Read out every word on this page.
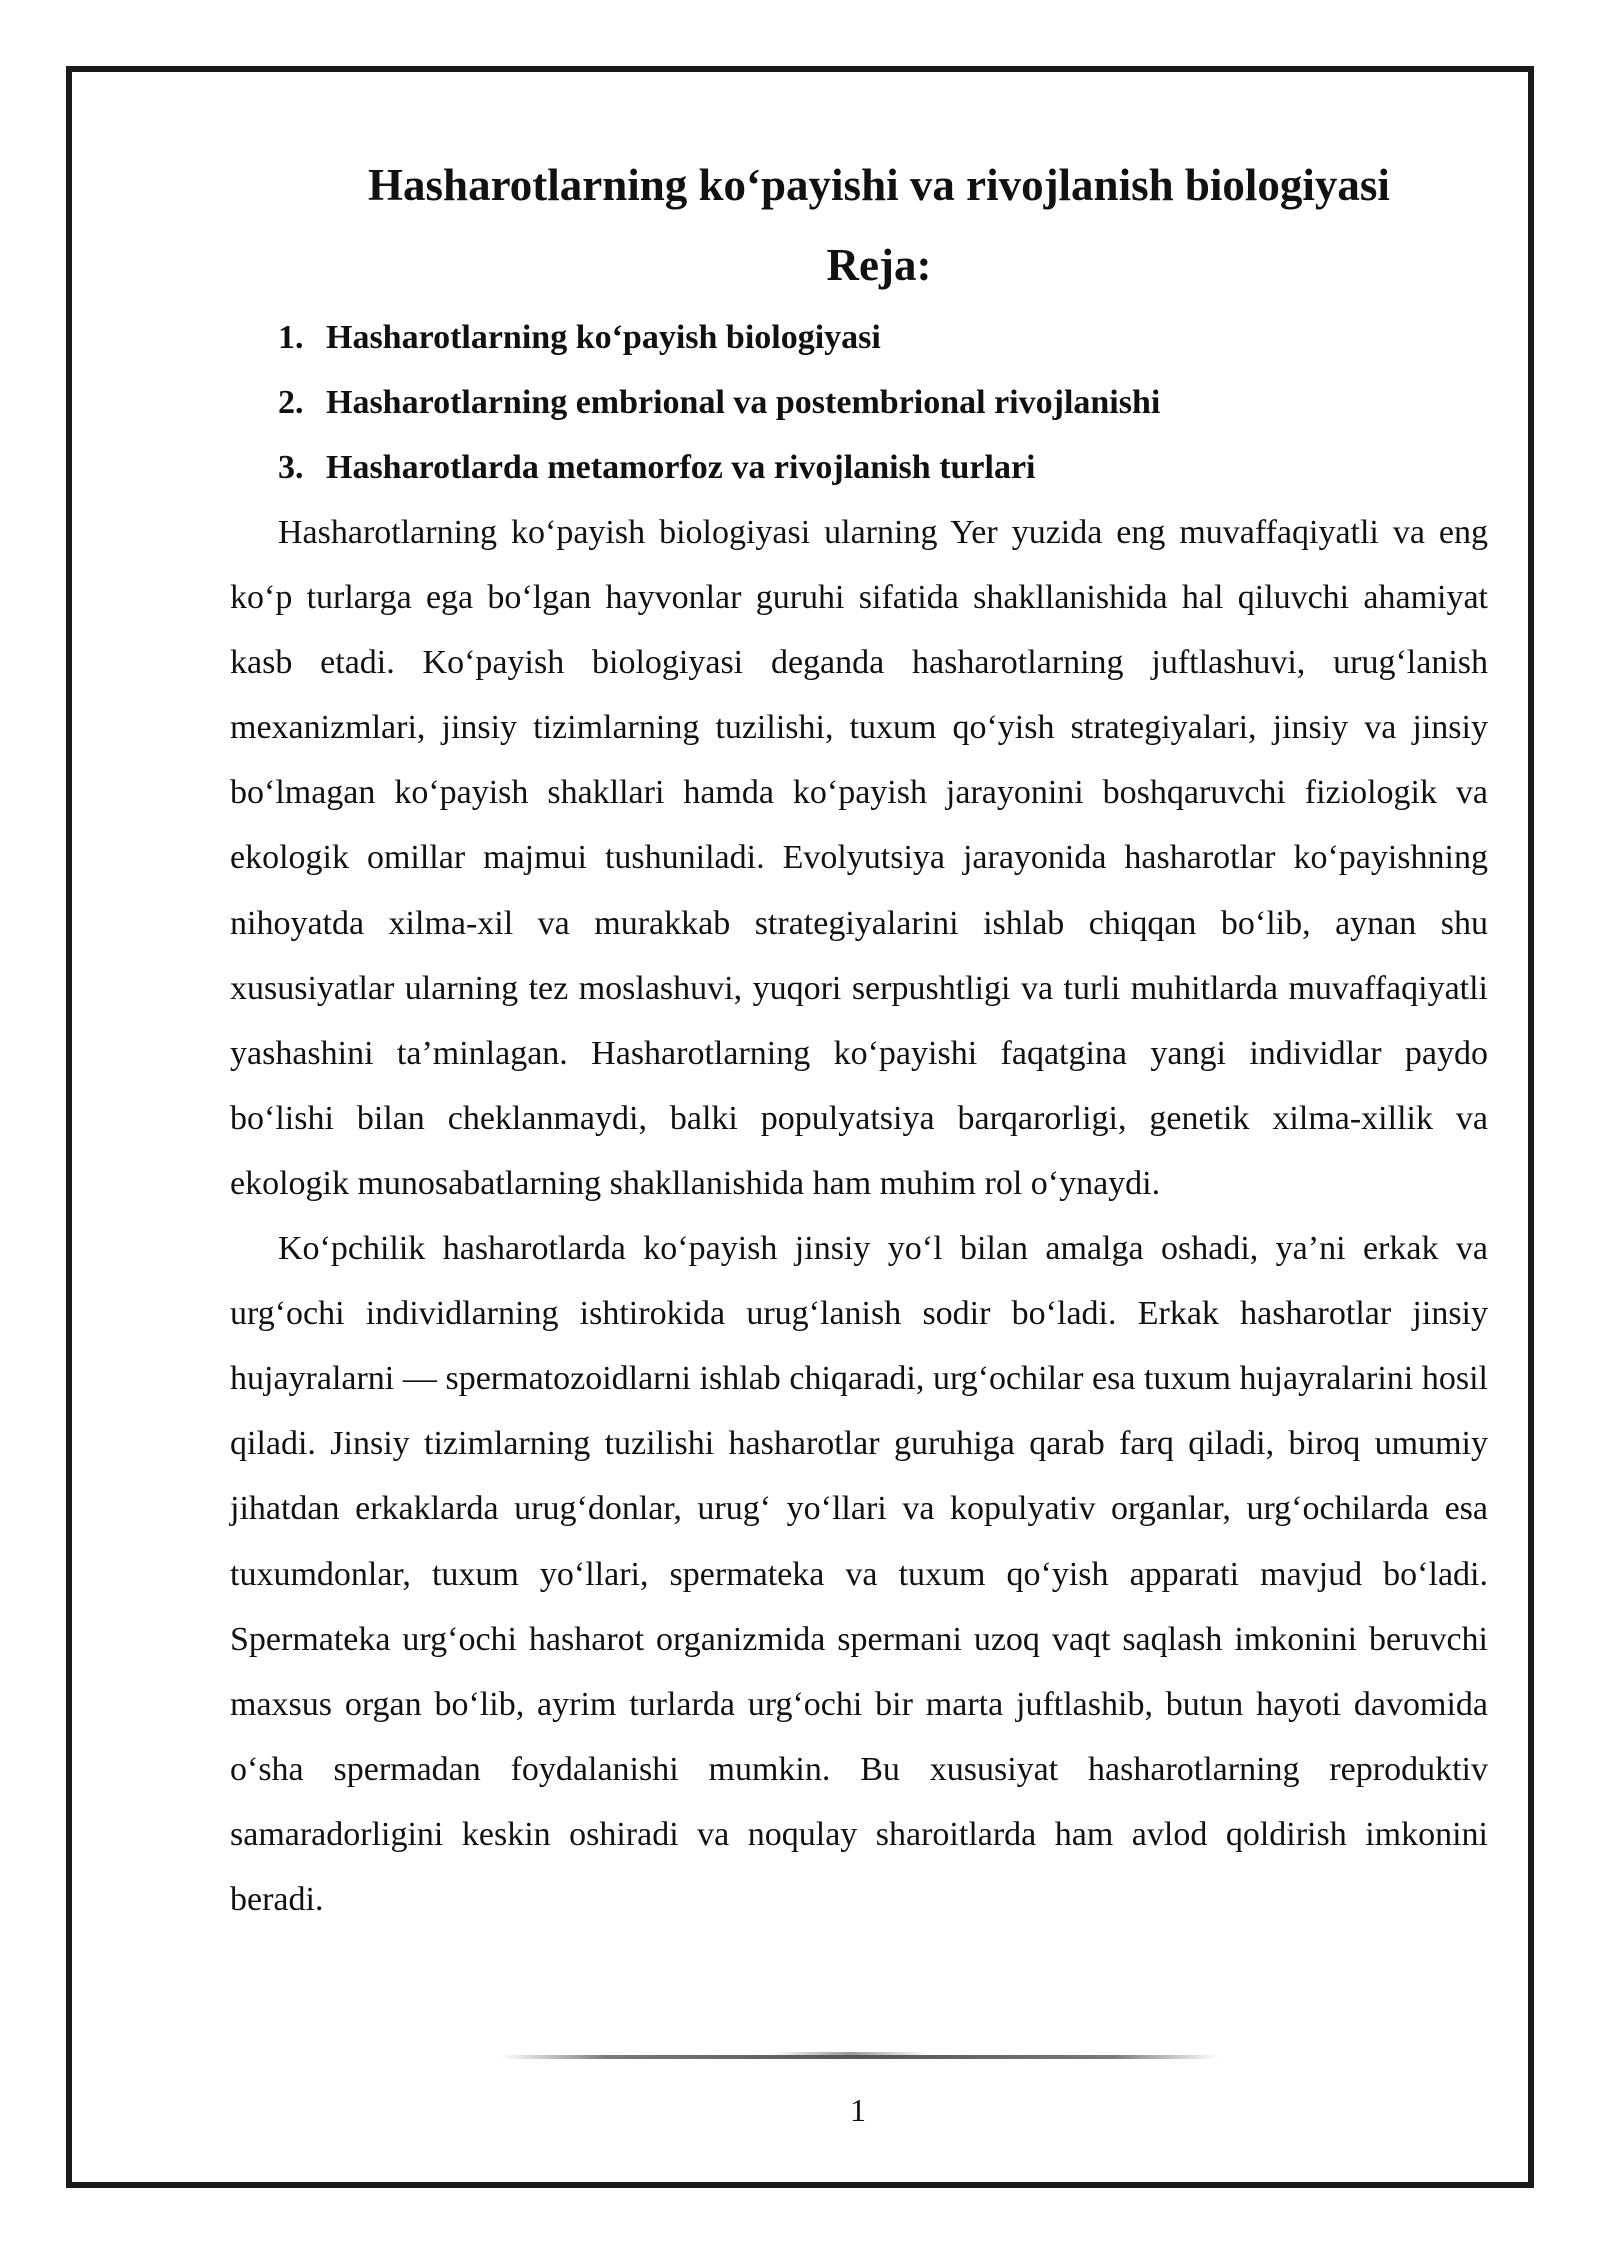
Hasharotlarning ko‘payishi va rivojlanish biologiyasi
Reja:
1. Hasharotlarning ko‘payish biologiyasi
2. Hasharotlarning embrional va postembrional rivojlanishi
3. Hasharotlarda metamorfoz va rivojlanish turlari

Hasharotlarning ko‘payish biologiyasi ularning Yer yuzida eng muvaffaqiyatli va eng ko‘p turlarga ega bo‘lgan hayvonlar guruhi sifatida shakllanishida hal qiluvchi ahamiyat kasb etadi. Ko‘payish biologiyasi deganda hasharotlarning juftlashuvi, urug‘lanish mexanizmlari, jinsiy tizimlarning tuzilishi, tuxum qo‘yish strategiyalari, jinsiy va jinsiy bo‘lmagan ko‘payish shakllari hamda ko‘payish jarayonini boshqaruvchi fiziologik va ekologik omillar majmui tushuniladi. Evolyutsiya jarayonida hasharotlar ko‘payishning nihoyatda xilma-xil va murakkab strategiyalarini ishlab chiqqan bo‘lib, aynan shu xususiyatlar ularning tez moslashuvi, yuqori serpushtligi va turli muhitlarda muvaffaqiyatli yashashini ta’minlagan. Hasharotlarning ko‘payishi faqatgina yangi individlar paydo bo‘lishi bilan cheklanmaydi, balki populyatsiya barqarorligi, genetik xilma-xillik va ekologik munosabatlarning shakllanishida ham muhim rol o‘ynaydi.

Ko‘pchilik hasharotlarda ko‘payish jinsiy yo‘l bilan amalga oshadi, ya’ni erkak va urg‘ochi individlarning ishtirokida urug‘lanish sodir bo‘ladi. Erkak hasharotlar jinsiy hujayralarni — spermatozoidlarni ishlab chiqaradi, urg‘ochilar esa tuxum hujayralarini hosil qiladi. Jinsiy tizimlarning tuzilishi hasharotlar guruhiga qarab farq qiladi, biroq umumiy jihatdan erkaklarda urug‘donlar, urug‘ yo‘llari va kopulyativ organlar, urg‘ochilarda esa tuxumdonlar, tuxum yo‘llari, spermateka va tuxum qo‘yish apparati mavjud bo‘ladi. Spermateka urg‘ochi hasharot organizmida spermani uzoq vaqt saqlash imkonini beruvchi maxsus organ bo‘lib, ayrim turlarda urg‘ochi bir marta juftlashib, butun hayoti davomida o‘sha spermadan foydalanishi mumkin. Bu xususiyat hasharotlarning reproduktiv samaradorligini keskin oshiradi va noqulay sharoitlarda ham avlod qoldirish imkonini beradi.

1
